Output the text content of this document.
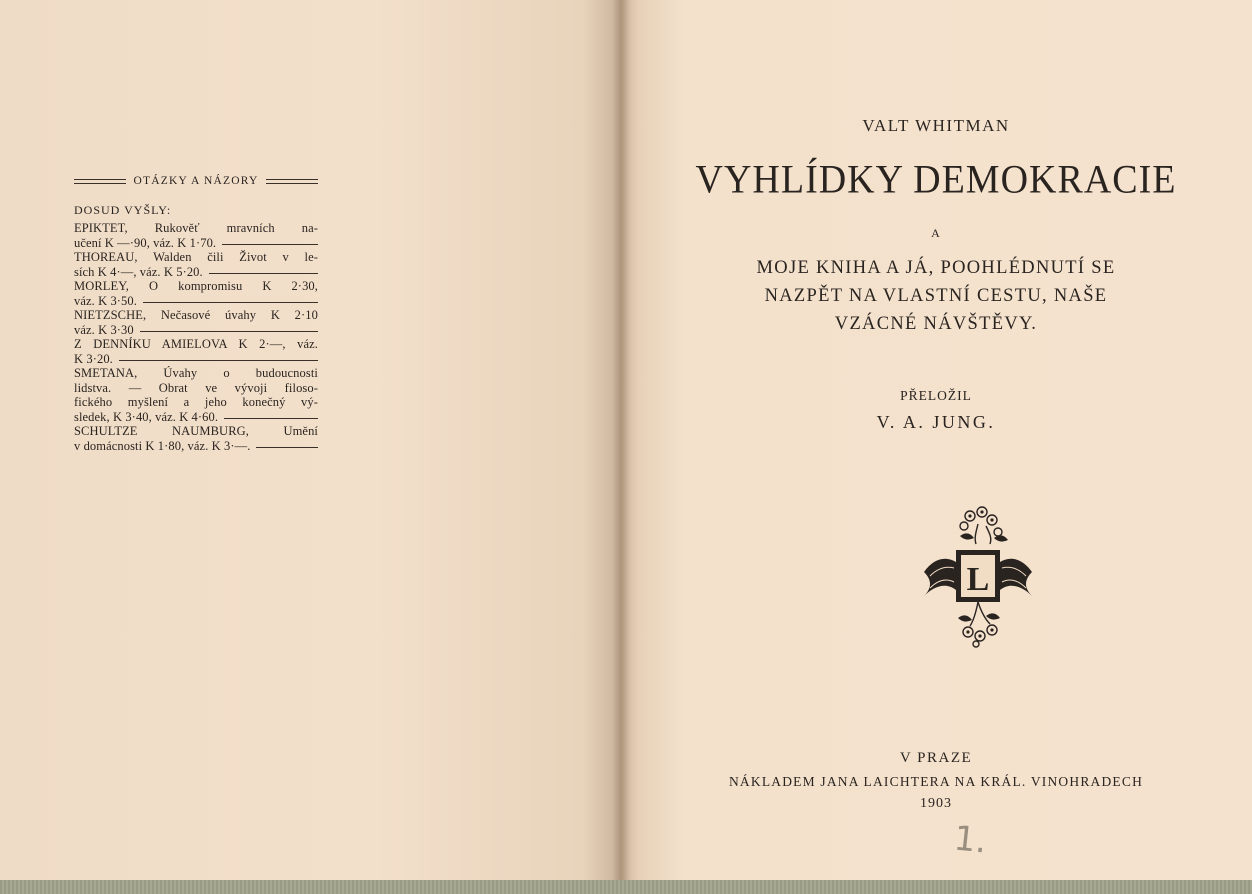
OTÁZKY A NÁZORY
DOSUD VYŠLY:
EPIKTET, Rukověť mravních na-
učení K —·90, váz. K 1·70.
THOREAU, Walden čili Život v le-
sích K 4·—, váz. K 5·20.
MORLEY, O kompromisu K 2·30,
váz. K 3·50.
NIETZSCHE, Nečasové úvahy K 2·10
váz. K 3·30
Z DENNÍKU AMIELOVA K 2·—, váz.
K 3·20.
SMETANA, Úvahy o budoucnosti
lidstva. — Obrat ve vývoji filoso-
fického myšlení a jeho konečný vý-
sledek, K 3·40, váz. K 4·60.
SCHULTZE NAUMBURG, Umění
v domácnosti K 1·80, váz. K 3·—.
VALT WHITMAN
VYHLÍDKY DEMOKRACIE
A
MOJE KNIHA A JÁ, POOHLÉDNUTÍ SE
NAZPĚT NA VLASTNÍ CESTU, NAŠE
VZÁCNÉ NÁVŠTĚVY.
PŘELOŽIL
V. A. JUNG.
L
V PRAZE
NÁKLADEM JANA LAICHTERA NA KRÁL. VINOHRADECH
1903
1.
